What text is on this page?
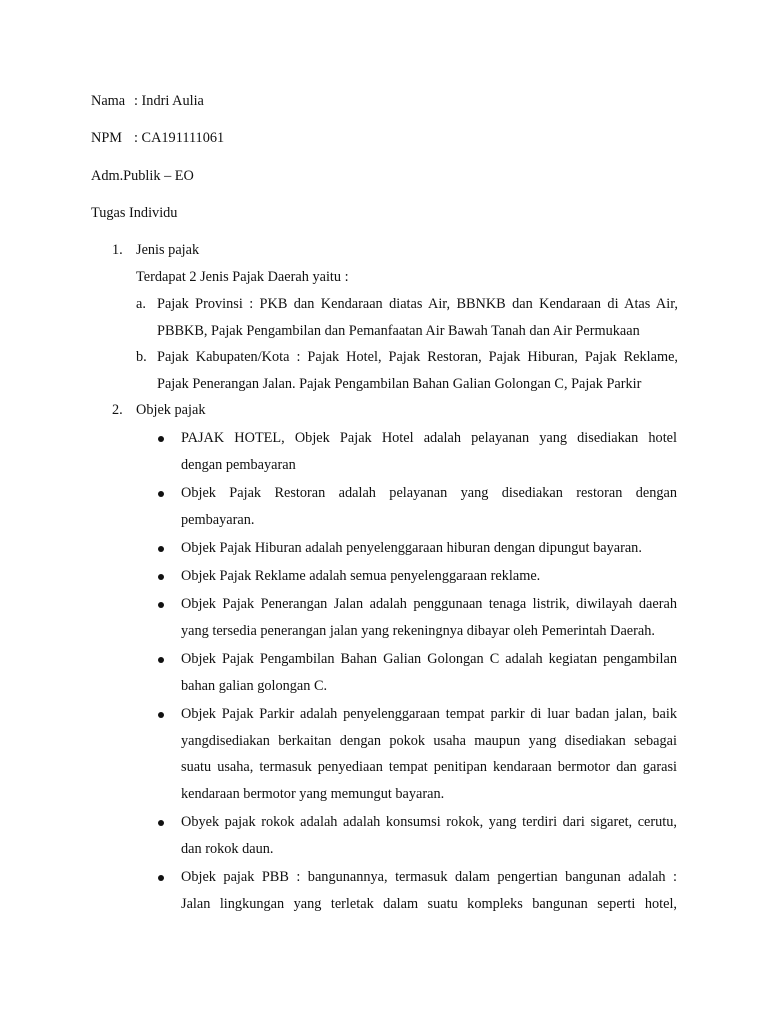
Nama : Indri Aulia
NPM : CA191111061
Adm.Publik – EO
Tugas Individu
1. Jenis pajak
Terdapat 2 Jenis Pajak Daerah yaitu :
a. Pajak Provinsi : PKB dan Kendaraan diatas Air, BBNKB dan Kendaraan di Atas Air,
PBBKB, Pajak Pengambilan dan Pemanfaatan Air Bawah Tanah dan Air Permukaan
b. Pajak Kabupaten/Kota : Pajak Hotel, Pajak Restoran, Pajak Hiburan, Pajak Reklame,
Pajak Penerangan Jalan. Pajak Pengambilan Bahan Galian Golongan C, Pajak Parkir
2. Objek pajak
PAJAK HOTEL, Objek Pajak Hotel adalah pelayanan yang disediakan hotel
dengan pembayaran
Objek Pajak Restoran adalah pelayanan yang disediakan restoran dengan
pembayaran.
Objek Pajak Hiburan adalah penyelenggaraan hiburan dengan dipungut bayaran.
Objek Pajak Reklame adalah semua penyelenggaraan reklame.
Objek Pajak Penerangan Jalan adalah penggunaan tenaga listrik, diwilayah daerah
yang tersedia penerangan jalan yang rekeningnya dibayar oleh Pemerintah Daerah.
Objek Pajak Pengambilan Bahan Galian Golongan C adalah kegiatan pengambilan
bahan galian golongan C.
Objek Pajak Parkir adalah penyelenggaraan tempat parkir di luar badan jalan, baik
yangdisediakan berkaitan dengan pokok usaha maupun yang disediakan sebagai
suatu usaha, termasuk penyediaan tempat penitipan kendaraan bermotor dan garasi
kendaraan bermotor yang memungut bayaran.
Obyek pajak rokok adalah adalah konsumsi rokok, yang terdiri dari sigaret, cerutu,
dan rokok daun.
Objek pajak PBB : bangunannya, termasuk dalam pengertian bangunan adalah :
Jalan lingkungan yang terletak dalam suatu kompleks bangunan seperti hotel,
